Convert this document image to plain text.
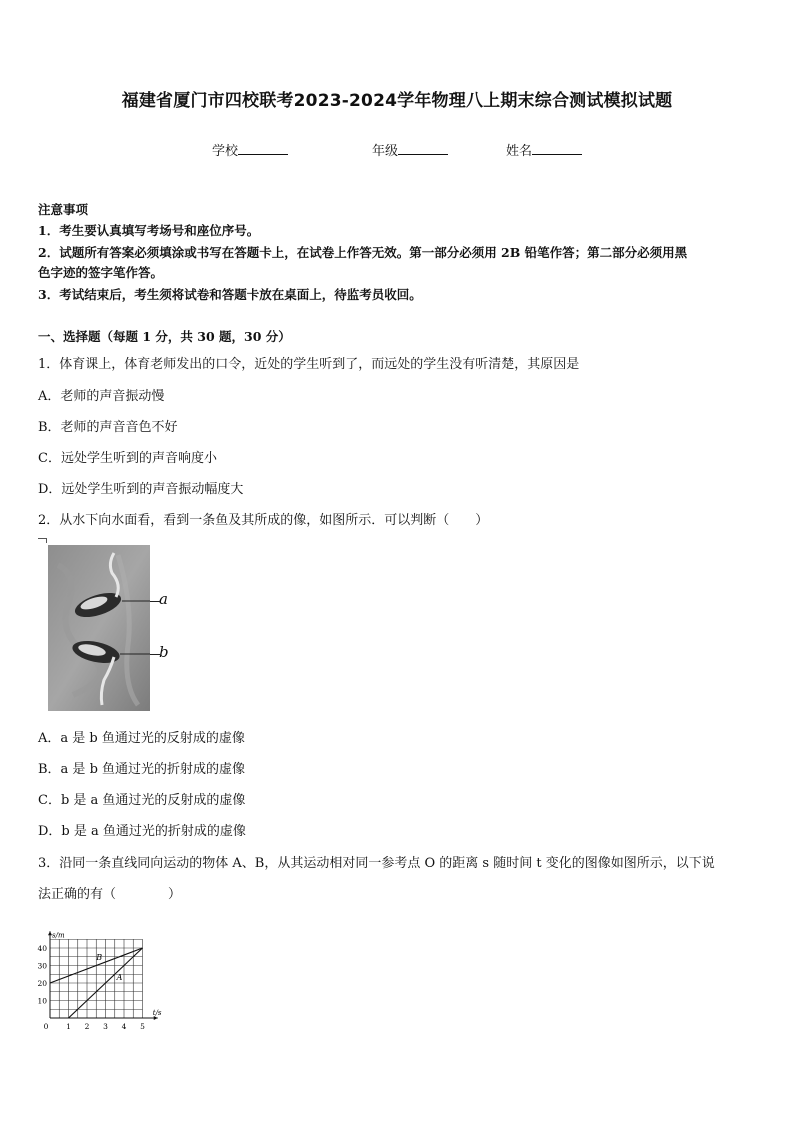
福建省厦门市四校联考2023-2024学年物理八上期末综合测试模拟试题
学校	年级	姓名
注意事项
1．考生要认真填写考场号和座位序号。
2．试题所有答案必须填涂或书写在答题卡上，在试卷上作答无效。第一部分必须用 2B 铅笔作答；第二部分必须用黑
色字迹的签字笔作答。
3．考试结束后，考生须将试卷和答题卡放在桌面上，待监考员收回。
一、选择题（每题 1 分，共 30 题，30 分）
1．体育课上，体育老师发出的口令，近处的学生听到了，而远处的学生没有听清楚，其原因是
A．老师的声音振动慢
B．老师的声音音色不好
C．远处学生听到的声音响度小
D．远处学生听到的声音振动幅度大
2．从水下向水面看，看到一条鱼及其所成的像，如图所示．可以判断（　　）
a
b
A．a 是 b 鱼通过光的反射成的虚像
B．a 是 b 鱼通过光的折射成的虚像
C．b 是 a 鱼通过光的反射成的虚像
D．b 是 a 鱼通过光的折射成的虚像
3．沿同一条直线同向运动的物体 A、B，从其运动相对同一参考点 O 的距离 s 随时间 t 变化的图像如图所示，以下说
法正确的有（　　　　）
0 1 2 3 4 5
10
20
30
40
s/m
t/s
B
A
